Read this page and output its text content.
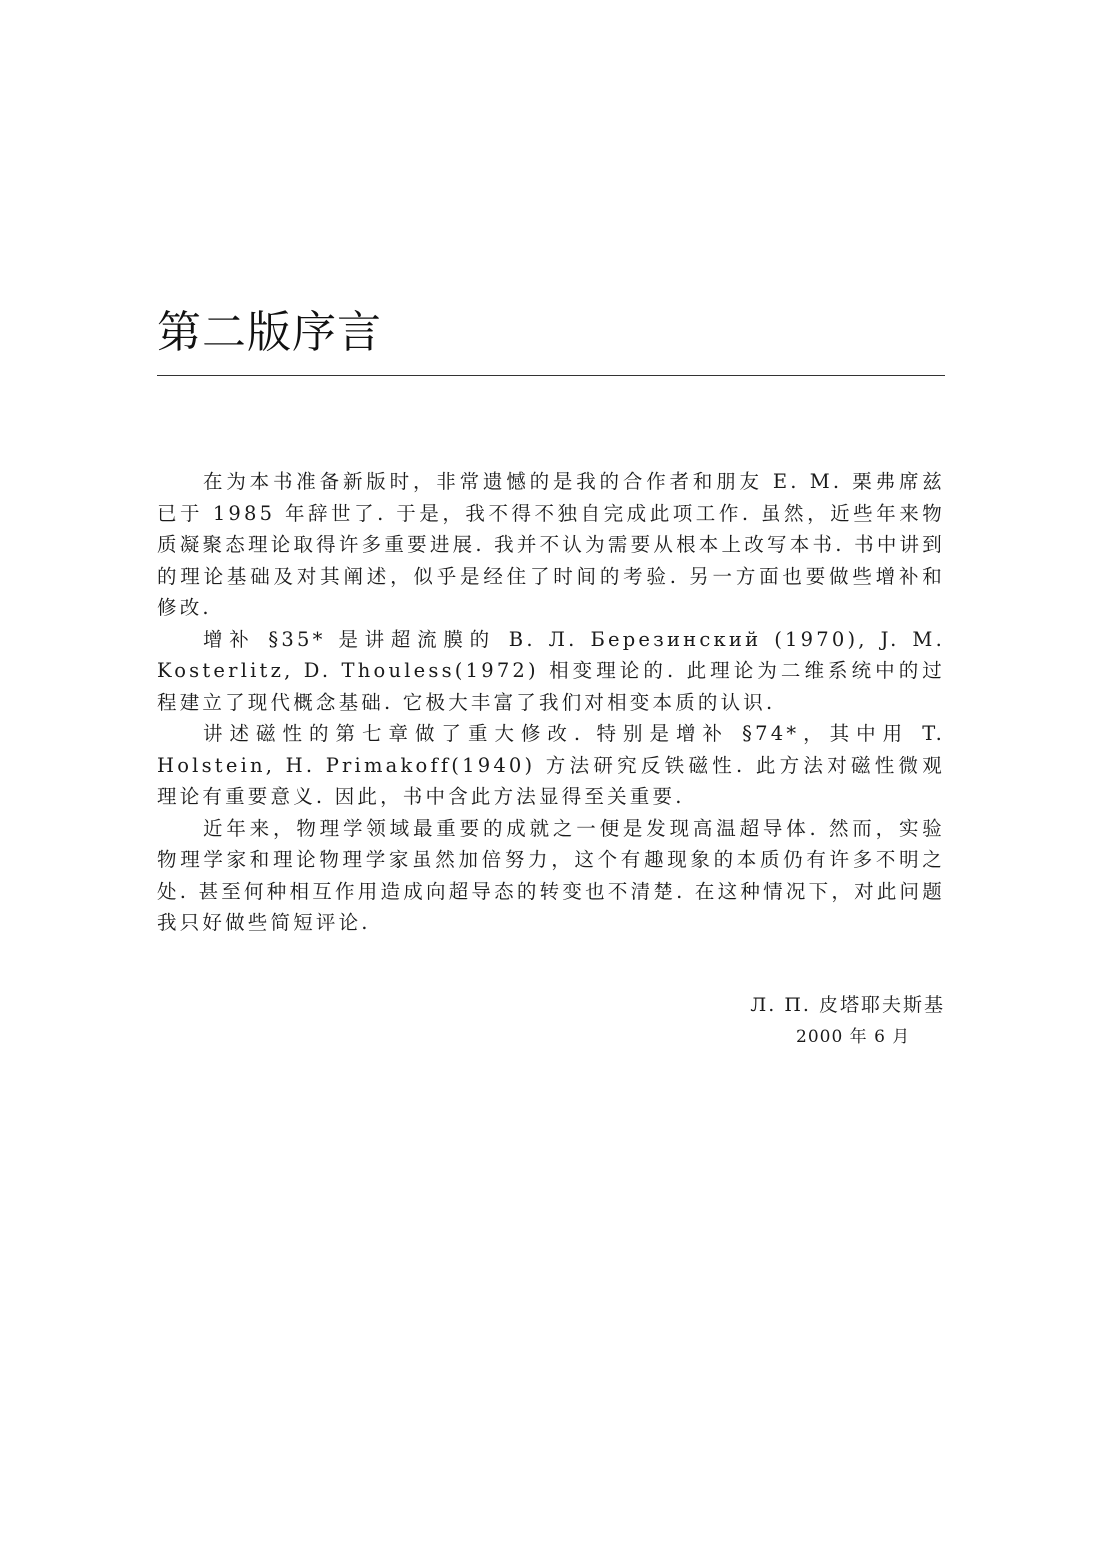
第二版序言

在为本书准备新版时，非常遗憾的是我的合作者和朋友 E. M. 栗弗席兹已于 1985 年辞世了. 于是，我不得不独自完成此项工作. 虽然，近些年来物质凝聚态理论取得许多重要进展. 我并不认为需要从根本上改写本书. 书中讲到的理论基础及对其阐述，似乎是经住了时间的考验. 另一方面也要做些增补和修改.

增补 §35* 是讲超流膜的 В. Л. Березинский (1970), J. M. Kosterlitz, D. Thouless(1972) 相变理论的. 此理论为二维系统中的过程建立了现代概念基础. 它极大丰富了我们对相变本质的认识.

讲述磁性的第七章做了重大修改. 特别是增补 §74*，其中用 T. Holstein, H. Primakoff(1940) 方法研究反铁磁性. 此方法对磁性微观理论有重要意义. 因此，书中含此方法显得至关重要.

近年来，物理学领域最重要的成就之一便是发现高温超导体. 然而，实验物理学家和理论物理学家虽然加倍努力，这个有趣现象的本质仍有许多不明之处. 甚至何种相互作用造成向超导态的转变也不清楚. 在这种情况下，对此问题我只好做些简短评论.

Л. П. 皮塔耶夫斯基

2000 年 6 月
